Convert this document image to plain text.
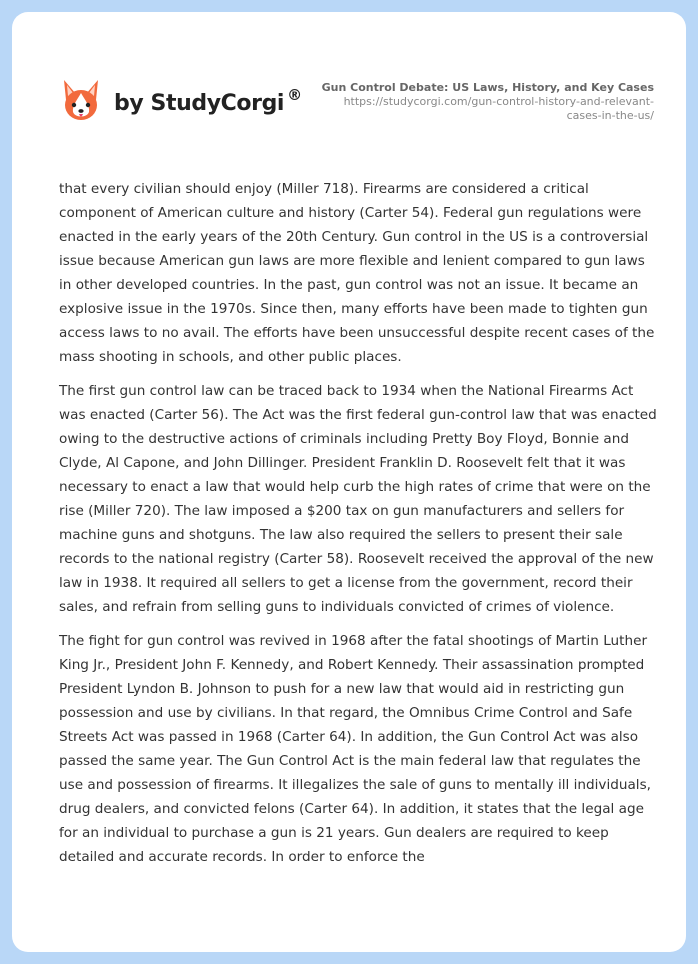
by StudyCorgi ®	Gun Control Debate: US Laws, History, and Key Cases
https://studycorgi.com/gun-control-history-and-relevant-cases-in-the-us/

that every civilian should enjoy (Miller 718). Firearms are considered a critical component of American culture and history (Carter 54). Federal gun regulations were enacted in the early years of the 20th Century. Gun control in the US is a controversial issue because American gun laws are more flexible and lenient compared to gun laws in other developed countries. In the past, gun control was not an issue. It became an explosive issue in the 1970s. Since then, many efforts have been made to tighten gun access laws to no avail. The efforts have been unsuccessful despite recent cases of the mass shooting in schools, and other public places.

The first gun control law can be traced back to 1934 when the National Firearms Act was enacted (Carter 56). The Act was the first federal gun-control law that was enacted owing to the destructive actions of criminals including Pretty Boy Floyd, Bonnie and Clyde, Al Capone, and John Dillinger. President Franklin D. Roosevelt felt that it was necessary to enact a law that would help curb the high rates of crime that were on the rise (Miller 720). The law imposed a $200 tax on gun manufacturers and sellers for machine guns and shotguns. The law also required the sellers to present their sale records to the national registry (Carter 58). Roosevelt received the approval of the new law in 1938. It required all sellers to get a license from the government, record their sales, and refrain from selling guns to individuals convicted of crimes of violence.

The fight for gun control was revived in 1968 after the fatal shootings of Martin Luther King Jr., President John F. Kennedy, and Robert Kennedy. Their assassination prompted President Lyndon B. Johnson to push for a new law that would aid in restricting gun possession and use by civilians. In that regard, the Omnibus Crime Control and Safe Streets Act was passed in 1968 (Carter 64). In addition, the Gun Control Act was also passed the same year. The Gun Control Act is the main federal law that regulates the use and possession of firearms. It illegalizes the sale of guns to mentally ill individuals, drug dealers, and convicted felons (Carter 64). In addition, it states that the legal age for an individual to purchase a gun is 21 years. Gun dealers are required to keep detailed and accurate records. In order to enforce the
